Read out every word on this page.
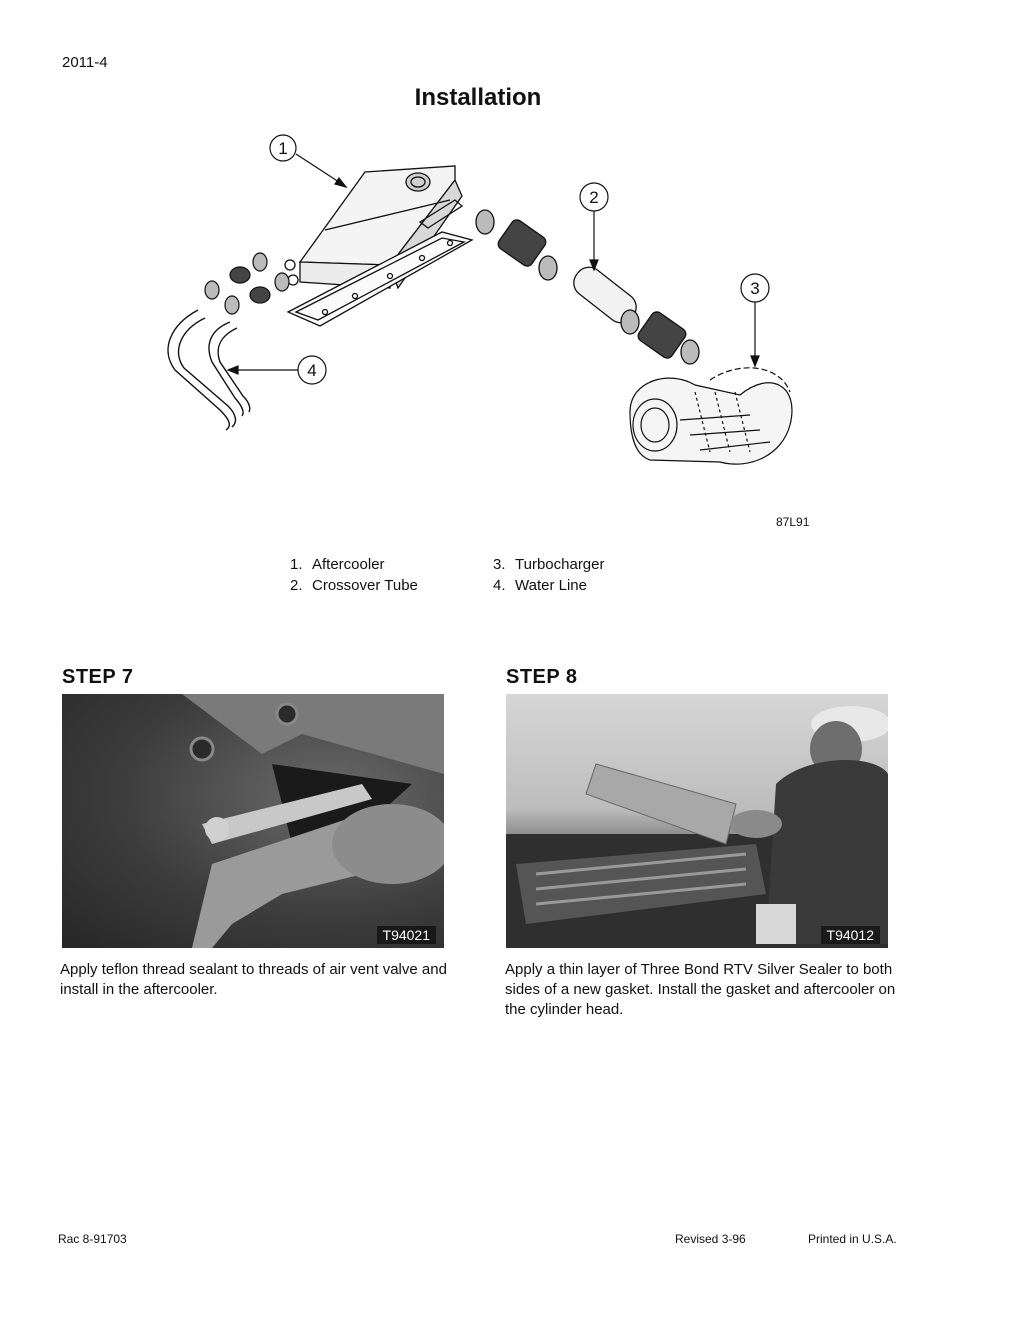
2011-4
Installation
1
2
3
4
87L91
1. Aftercooler
2. Crossover Tube
3. Turbocharger
4. Water Line
STEP 7
T94021
Apply teflon thread sealant to threads of air vent valve and install in the aftercooler.
STEP 8
T94012
Apply a thin layer of Three Bond RTV Silver Sealer to both sides of a new gasket. Install the gasket and aftercooler on the cylinder head.
Rac 8-91703	Revised 3-96	Printed in U.S.A.
